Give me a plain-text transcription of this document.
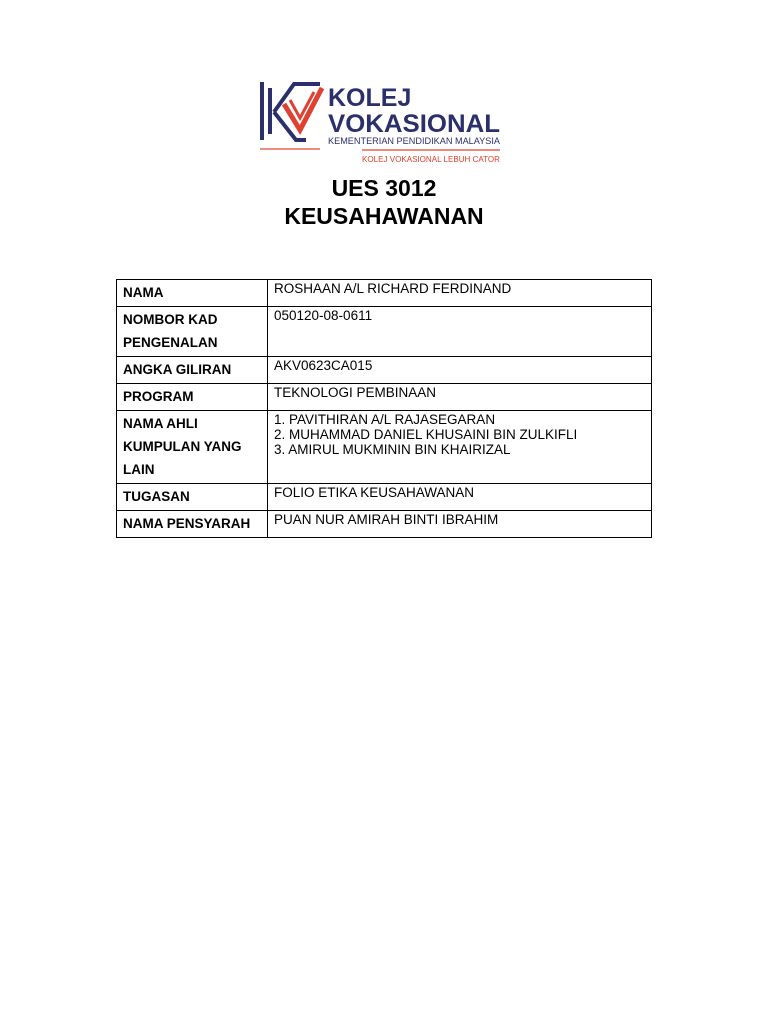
KOLEJ
VOKASIONAL
KEMENTERIAN PENDIDIKAN MALAYSIA
KOLEJ VOKASIONAL LEBUH CATOR
UES 3012
KEUSAHAWANAN
NAMA	ROSHAAN A/L RICHARD FERDINAND
NOMBOR KAD PENGENALAN	050120-08-0611
ANGKA GILIRAN	AKV0623CA015
PROGRAM	TEKNOLOGI PEMBINAAN
NAMA AHLI KUMPULAN YANG LAIN	1. PAVITHIRAN A/L RAJASEGARAN
2. MUHAMMAD DANIEL KHUSAINI BIN ZULKIFLI
3. AMIRUL MUKMININ BIN KHAIRIZAL

TUGASAN	FOLIO ETIKA KEUSAHAWANAN
NAMA PENSYARAH	PUAN NUR AMIRAH BINTI IBRAHIM
